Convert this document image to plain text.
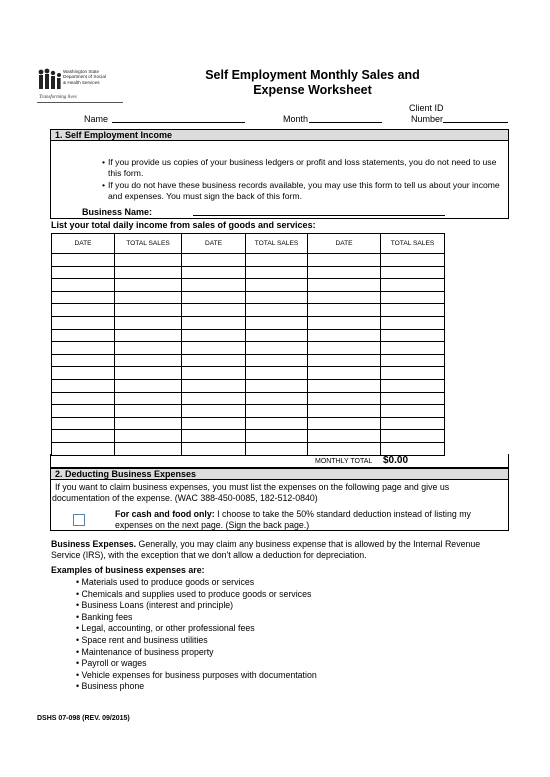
Washington State
Department of Social
& Health Services
Transforming lives
Self Employment Monthly Sales and
Expense Worksheet
Name	Month
Client ID
Number
1. Self Employment Income
• If you provide us copies of your business ledgers or profit and loss statements, you do not need to use this form.
• If you do not have these business records available, you may use this form to tell us about your income and expenses. You must sign the back of this form.
Business Name:
List your total daily income from sales of goods and services:
DATE	TOTAL SALES	DATE	TOTAL SALES	DATE	TOTAL SALES

MONTHLY TOTAL $0.00
2. Deducting Business Expenses
If you want to claim business expenses, you must list the expenses on the following page and give us documentation of the expense. (WAC 388-450-0085, 182-512-0840)
For cash and food only: I choose to take the 50% standard deduction instead of listing my expenses on the next page. (Sign the back page.)
Business Expenses. Generally, you may claim any business expense that is allowed by the Internal Revenue Service (IRS), with the exception that we don't allow a deduction for depreciation.
Examples of business expenses are:
• Materials used to produce goods or services
• Chemicals and supplies used to produce goods or services
• Business Loans (interest and principle)
• Banking fees
• Legal, accounting, or other professional fees
• Space rent and business utilities
• Maintenance of business property
• Payroll or wages
• Vehicle expenses for business purposes with documentation
• Business phone
DSHS 07-098 (REV. 09/2015)
